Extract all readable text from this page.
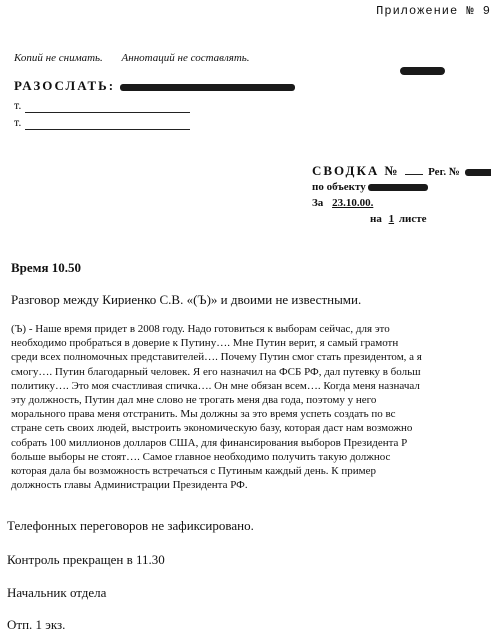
Приложение № 9
Копий не снимать. Аннотаций не составлять.
РАЗОСЛАТЬ:
т.
т.
СВОДКА №	Рег. №
по объекту
За 23.10.00.
на 1 листе
Время 10.50
Разговор между Кириенко С.В. «(Ъ)» и двоими не известными.
(Ъ) - Наше время придет в 2008 году. Надо готовиться к выборам сейчас, для это
необходимо пробраться в доверие к Путину…. Мне Путин верит, я самый грамотн
среди всех полномочных представителей…. Почему Путин смог стать президентом, а я
смогу…. Путин благодарный человек. Я его назначил на ФСБ РФ, дал путевку в больш
политику…. Это моя счастливая спичка…. Он мне обязан всем…. Когда меня назначал
эту должность, Путин дал мне слово не трогать меня два года, поэтому у него
морального права меня отстранить. Мы должны за это время успеть создать по вс
стране сеть своих людей, выстроить экономическую базу, которая даст нам возможно
собрать 100 миллионов долларов США, для финансирования выборов Президента Р
больше выборы не стоят…. Самое главное необходимо получить такую должнос
которая дала бы возможность встречаться с Путиным каждый день. К пример
должность главы Администрации Президента РФ.
Телефонных переговоров не зафиксировано.
Контроль прекращен в 11.30
Начальник отдела
Отп. 1 экз.
